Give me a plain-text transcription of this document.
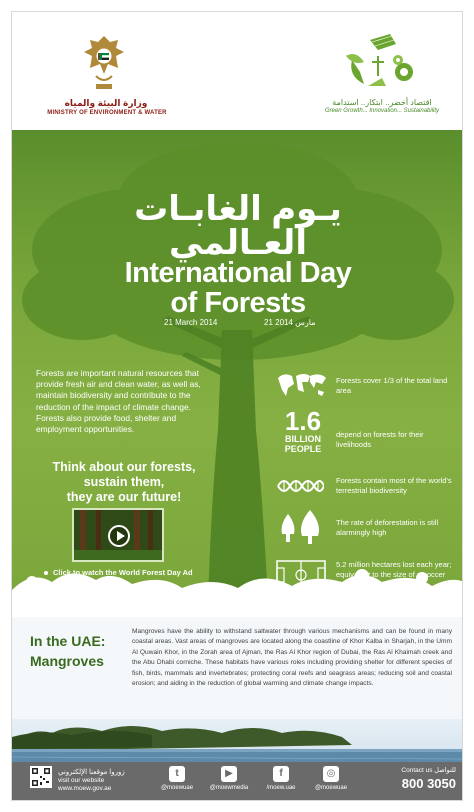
وزارة البيئة والمياه
MINISTRY OF ENVIRONMENT & WATER
اقتصاد أخضر.. ابتكار.. استدامة
Green Growth... Innovation... Sustainability
يـوم الغابـات
العـالمي
International Day
of Forests
21 March 2014	21 مارس 2014
Forests are important natural resources that provide fresh air and clean water, as well as, maintain biodiversity and contribute to the reduction of the impact of climate change. Forests also provide food, shelter and employment opportunities.
Think about our forests,
sustain them,
they are our future!
Click to watch the World Forest Day Ad
Forests cover 1/3 of the total land area
1.6
BILLION
PEOPLE
depend on forests for their livelihoods
Forests contain most of the world's terrestrial biodiversity
The rate of deforestation is still alarmingly high
5.2 million hectares lost each year; equivalent to the size of a soccer field every second
In the UAE:
Mangroves
Mangroves have the ability to withstand saltwater through various mechanisms and can be found in many coastal areas. Vast areas of mangroves are located along the coastline of Khor Kalba in Sharjah, in the Umm Al Quwain Khor, in the Zorah area of Ajman, the Ras Al Khor region of Dubai, the Ras Al Khaimah creek and the Abu Dhabi corniche. These habitats have various roles including providing shelter for different species of fish, birds, mammals and invertebrates; protecting coral reefs and seagrass areas; reducing soil and coastal erosion; and aiding in the reduction of global warming and climate change impacts.
زوروا موقعنا الإلكتروني
visit our website
www.moew.gov.ae
t
@moewuae
▶
@moewmedia
f
/moew.uae
◎
@moewuae
Contact us للتواصل
800 3050
